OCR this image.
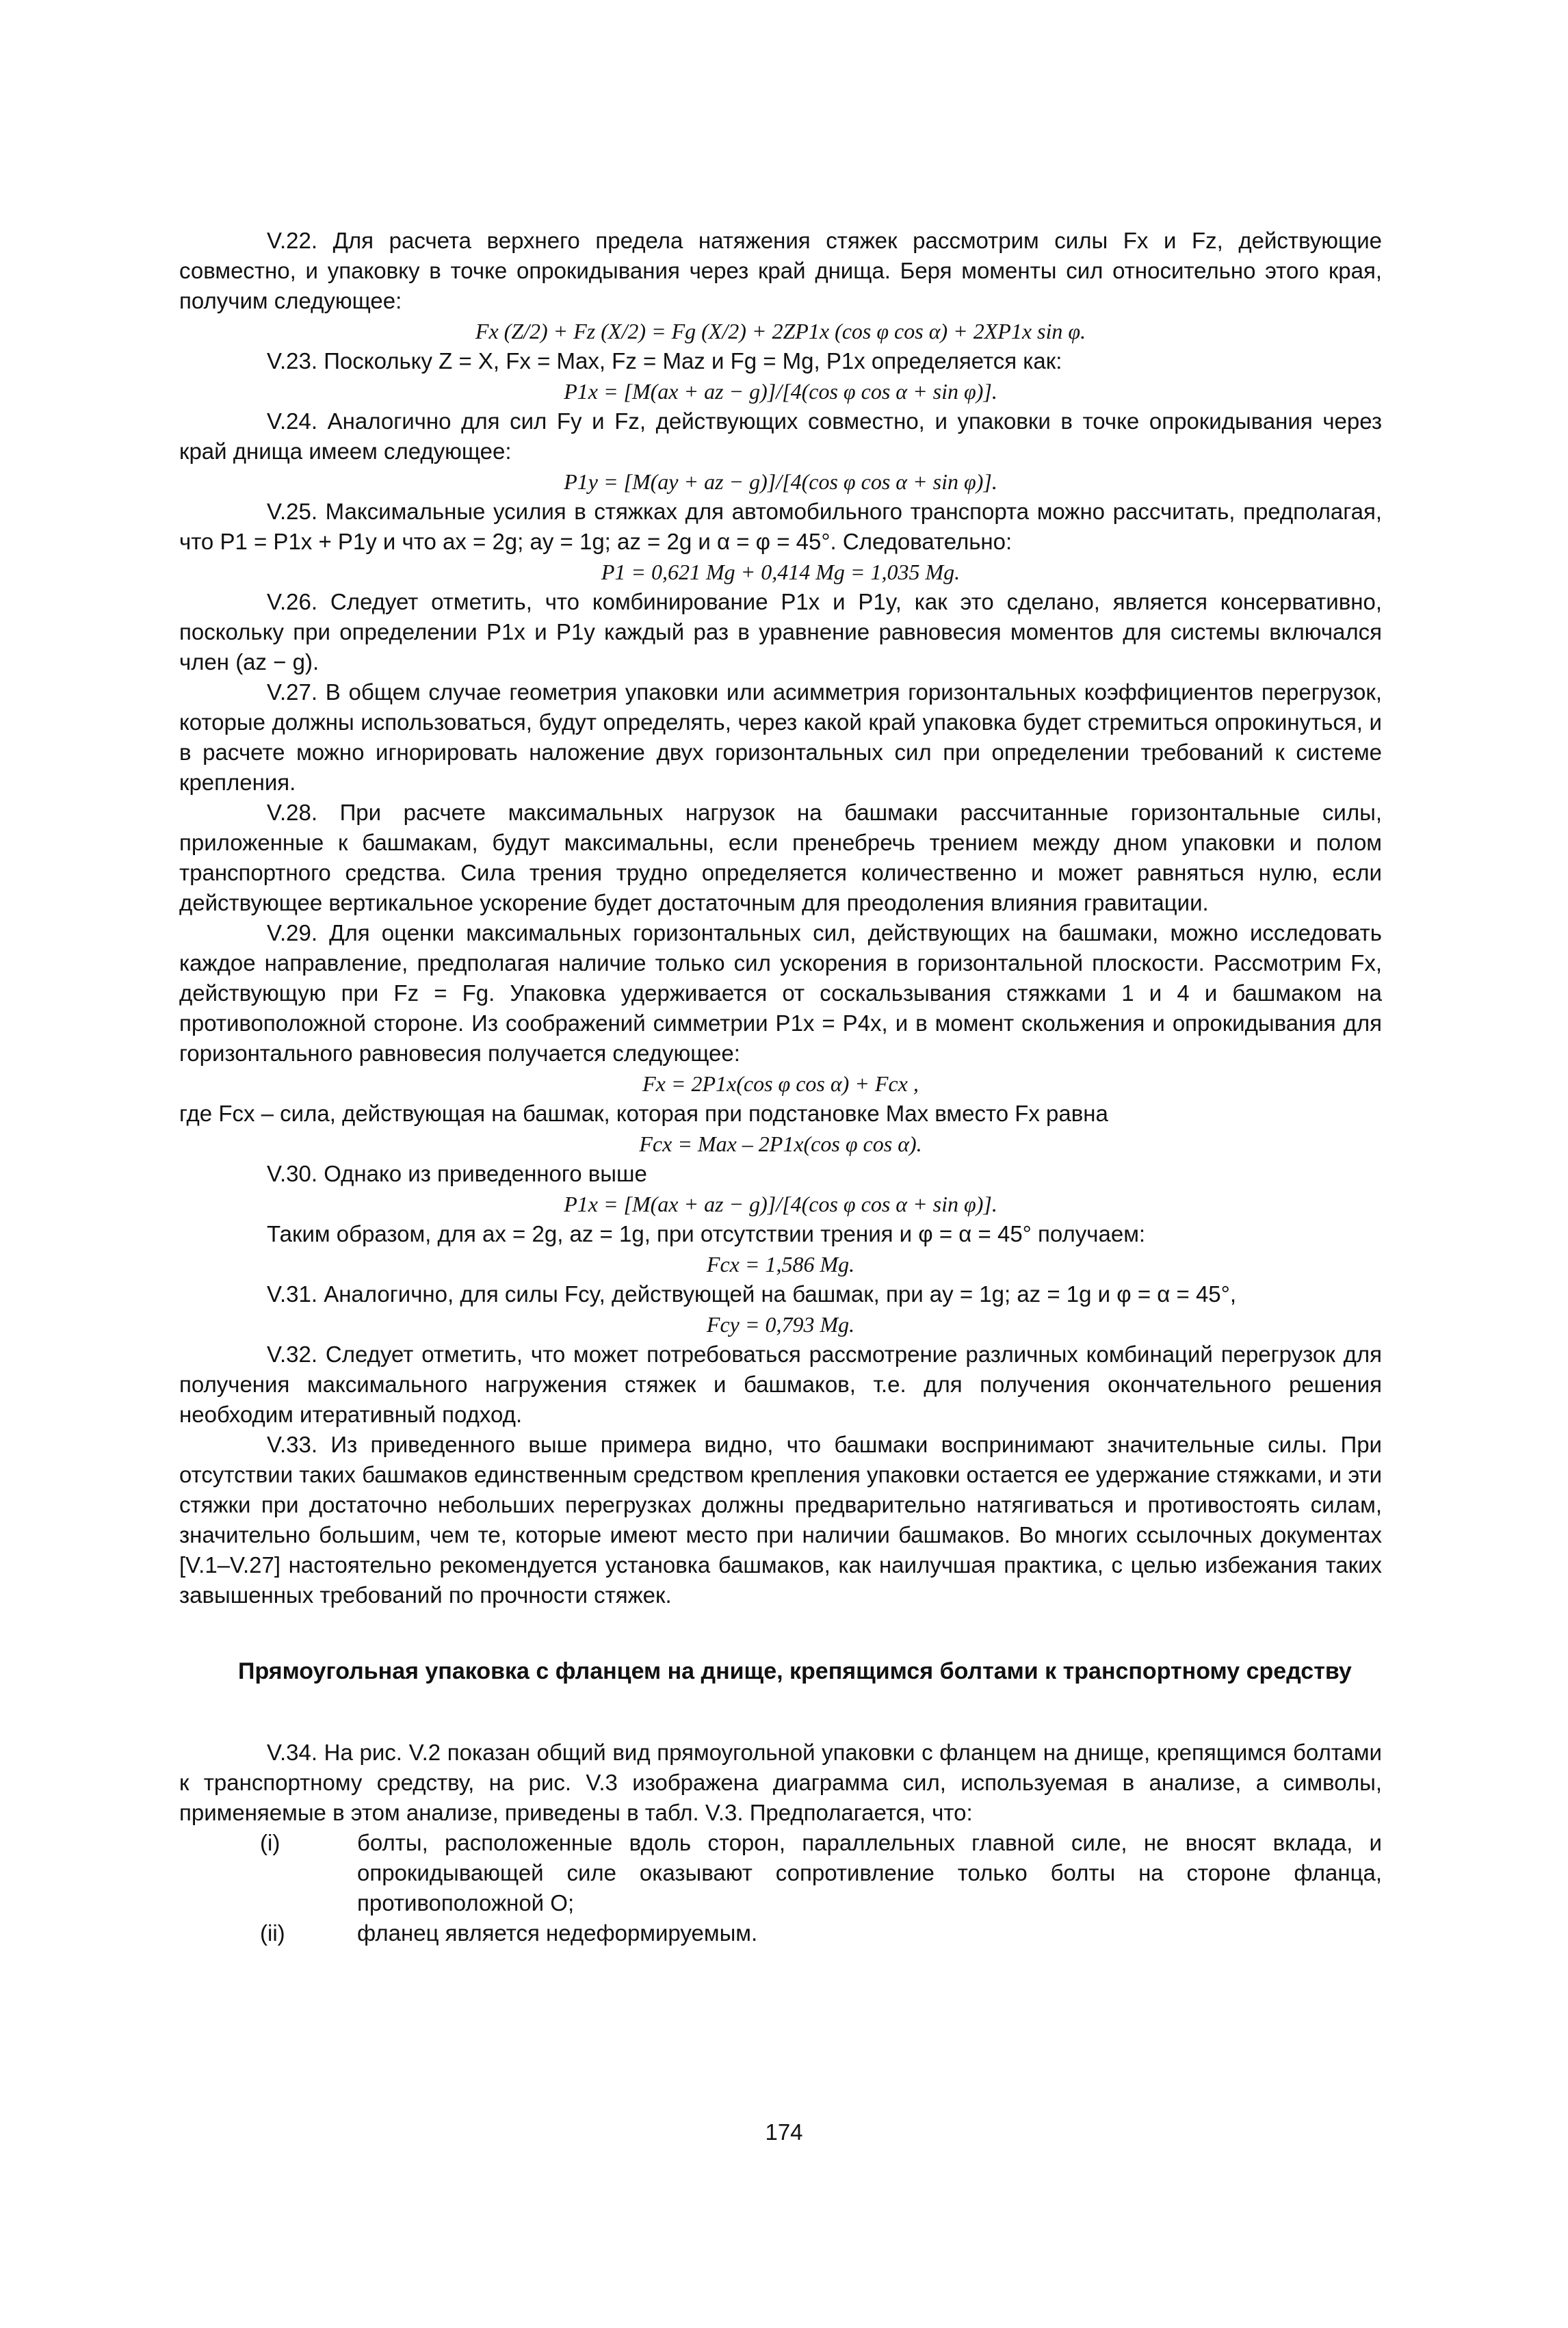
V.22. Для расчета верхнего предела натяжения стяжек рассмотрим силы Fx и Fz, действующие совместно, и упаковку в точке опрокидывания через край днища. Беря моменты сил относительно этого края, получим следующее:

Fx (Z/2) + Fz (X/2) = Fg (X/2) + 2ZP1x (cos φ cos α) + 2XP1x sin φ.

V.23. Поскольку Z = X, Fx = Max, Fz = Maz и Fg = Mg, P1x определяется как:

P1x = [M(ax + az − g)]/[4(cos φ cos α + sin φ)].

V.24. Аналогично для сил Fy и Fz, действующих совместно, и упаковки в точке опрокидывания через край днища имеем следующее:

P1y = [M(ay + az − g)]/[4(cos φ cos α + sin φ)].

V.25. Максимальные усилия в стяжках для автомобильного транспорта можно рассчитать, предполагая, что P1 = P1x + P1y и что ax = 2g; ay = 1g; az = 2g и α = φ = 45°. Следовательно:

P1 = 0,621 Mg + 0,414 Mg = 1,035 Mg.

V.26. Следует отметить, что комбинирование P1x и P1y, как это сделано, является консервативно, поскольку при определении P1x и P1y каждый раз в уравнение равновесия моментов для системы включался член (az − g).

V.27. В общем случае геометрия упаковки или асимметрия горизонтальных коэффициентов перегрузок, которые должны использоваться, будут определять, через какой край упаковка будет стремиться опрокинуться, и в расчете можно игнорировать наложение двух горизонтальных сил при определении требований к системе крепления.

V.28. При расчете максимальных нагрузок на башмаки рассчитанные горизонтальные силы, приложенные к башмакам, будут максимальны, если пренебречь трением между дном упаковки и полом транспортного средства. Сила трения трудно определяется количественно и может равняться нулю, если действующее вертикальное ускорение будет достаточным для преодоления влияния гравитации.

V.29. Для оценки максимальных горизонтальных сил, действующих на башмаки, можно исследовать каждое направление, предполагая наличие только сил ускорения в горизонтальной плоскости. Рассмотрим Fx, действующую при Fz = Fg. Упаковка удерживается от соскальзывания стяжками 1 и 4 и башмаком на противоположной стороне. Из соображений симметрии P1x = P4x, и в момент скольжения и опрокидывания для горизонтального равновесия получается следующее:

Fx = 2P1x(cos φ cos α) + Fcx ,

где Fcx – сила, действующая на башмак, которая при подстановке Max вместо Fx равна

Fcx = Max – 2P1x(cos φ cos α).

V.30. Однако из приведенного выше

P1x = [M(ax + az − g)]/[4(cos φ cos α + sin φ)].

Таким образом, для ax = 2g, az = 1g, при отсутствии трения и φ = α = 45° получаем:

Fcx = 1,586 Mg.

V.31. Аналогично, для силы Fcy, действующей на башмак, при ay = 1g; az = 1g и φ = α = 45°,

Fcy = 0,793 Mg.

V.32. Следует отметить, что может потребоваться рассмотрение различных комбинаций перегрузок для получения максимального нагружения стяжек и башмаков, т.е. для получения окончательного решения необходим итеративный подход.

V.33. Из приведенного выше примера видно, что башмаки воспринимают значительные силы. При отсутствии таких башмаков единственным средством крепления упаковки остается ее удержание стяжками, и эти стяжки при достаточно небольших перегрузках должны предварительно натягиваться и противостоять силам, значительно большим, чем те, которые имеют место при наличии башмаков. Во многих ссылочных документах [V.1–V.27] настоятельно рекомендуется установка башмаков, как наилучшая практика, с целью избежания таких завышенных требований по прочности стяжек.

Прямоугольная упаковка с фланцем на днище, крепящимся болтами к транспортному средству

V.34. На рис. V.2 показан общий вид прямоугольной упаковки с фланцем на днище, крепящимся болтами к транспортному средству, на рис. V.3 изображена диаграмма сил, используемая в анализе, а символы, применяемые в этом анализе, приведены в табл. V.3. Предполагается, что:

(i)	болты, расположенные вдоль сторон, параллельных главной силе, не вносят вклада, и опрокидывающей силе оказывают сопротивление только болты на стороне фланца, противоположной O;
(ii)	фланец является недеформируемым.
174
